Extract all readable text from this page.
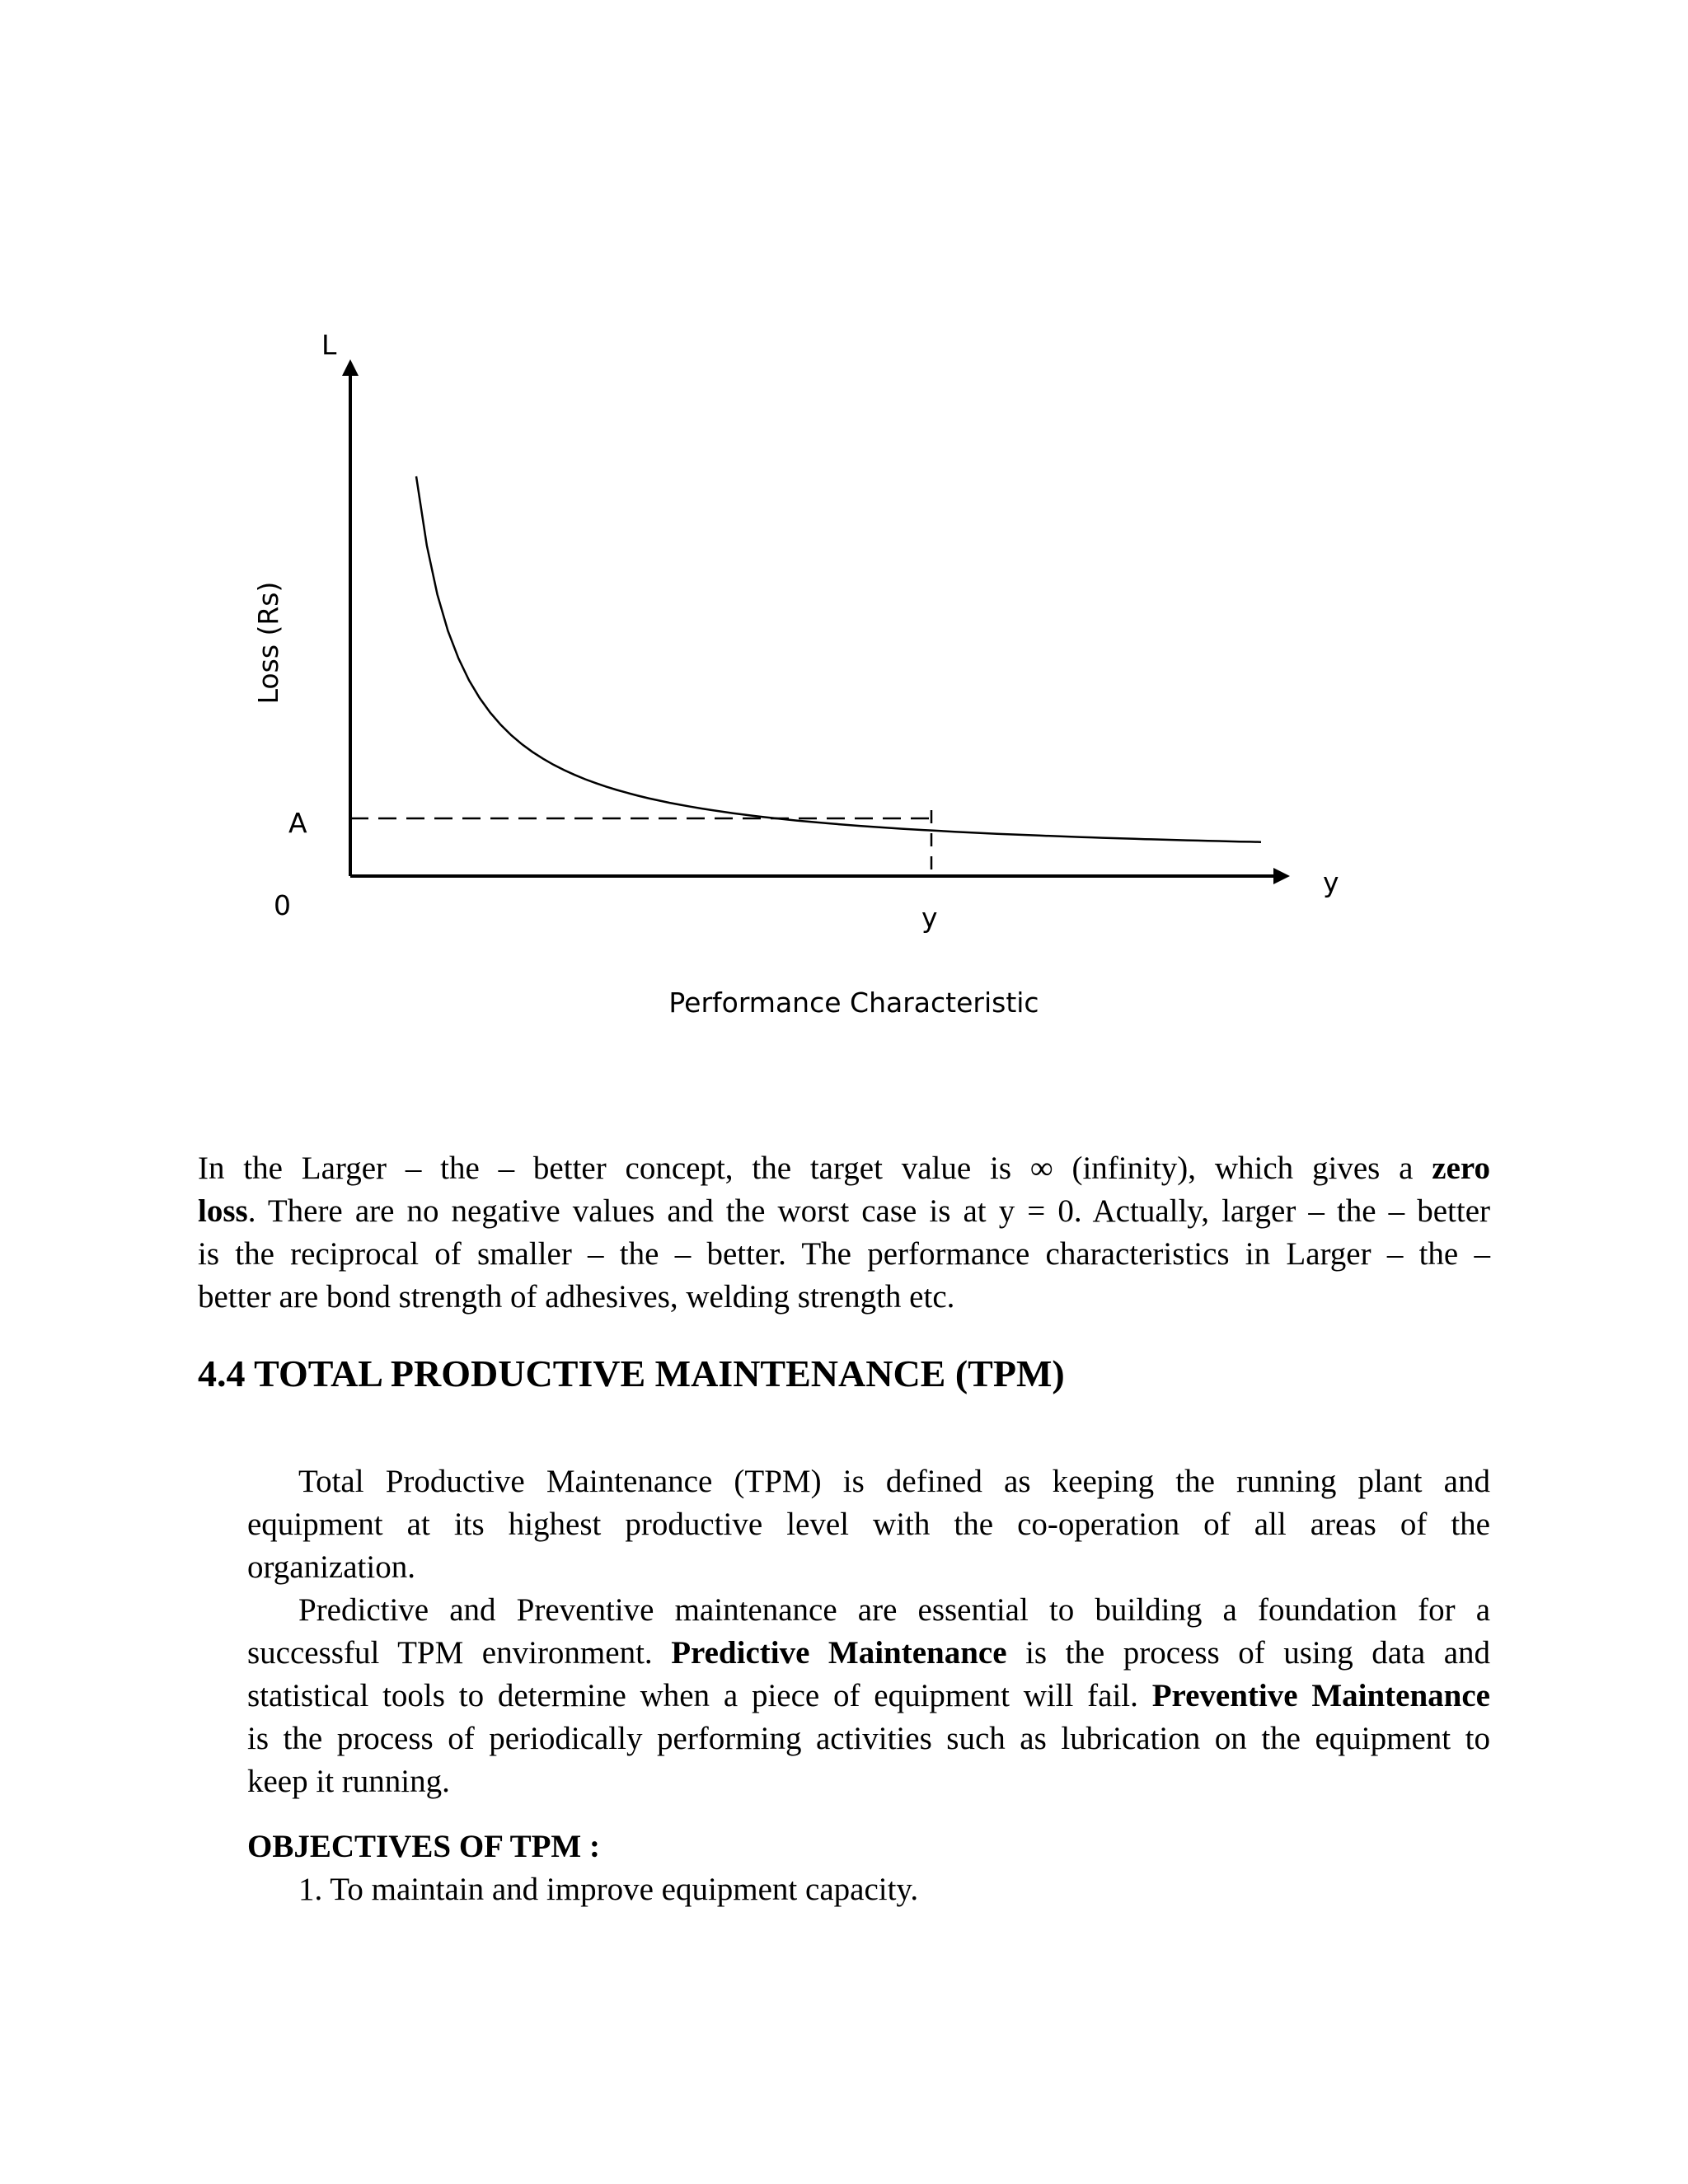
L
Loss (Rs)
A
0	y
y
Performance Characteristic
In the Larger – the – better concept, the target value is ∞ (infinity), which gives a zero
loss. There are no negative values and the worst case is at y = 0. Actually, larger – the – better
is the reciprocal of smaller – the – better. The performance characteristics in Larger – the –
better are bond strength of adhesives, welding strength etc.
4.4 TOTAL PRODUCTIVE MAINTENANCE (TPM)
Total Productive Maintenance (TPM) is defined as keeping the running plant and
equipment at its highest productive level with the co-operation of all areas of the
organization.
Predictive and Preventive maintenance are essential to building a foundation for a
successful TPM environment. Predictive Maintenance is the process of using data and
statistical tools to determine when a piece of equipment will fail. Preventive Maintenance
is the process of periodically performing activities such as lubrication on the equipment to
keep it running.
OBJECTIVES OF TPM :

1. To maintain and improve equipment capacity.
